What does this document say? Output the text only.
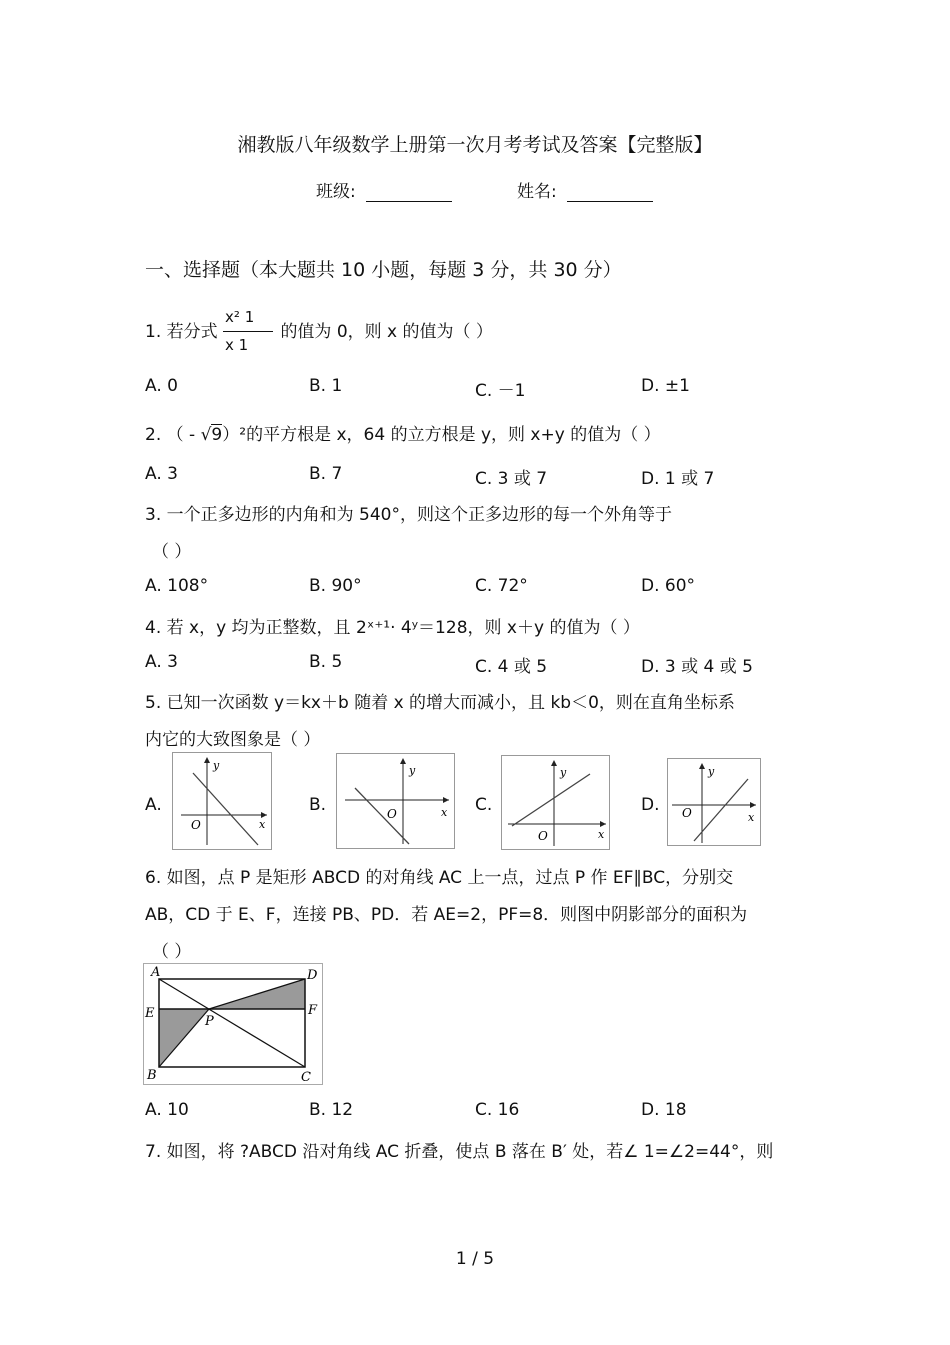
湘教版八年级数学上册第一次月考考试及答案【完整版】
班级:	姓名:
一、选择题（本大题共 10 小题，每题 3 分，共 30 分）
1. 若分式 $\frac{\text{x² 1}}{x 1}$ 的值为 0，则 x 的值为（ ）
A. 0	B. 1	C. －1	D. ±1
2. （ - √9）²的平方根是 x，64 的立方根是 y，则 x+y 的值为（ ）
A. 3	B. 7	C. 3 或 7	D. 1 或 7
3. 一个正多边形的内角和为 540°，则这个正多边形的每一个外角等于
（ ）
A. 108°	B. 90°	C. 72°	D. 60°
4. 若 x，y 均为正整数，且 2ˣ⁺¹· 4ʸ＝128，则 x＋y 的值为（ ）
A. 3	B. 5	C. 4 或 5	D. 3 或 4 或 5
5. 已知一次函数 y＝kx＋b 随着 x 的增大而减小，且 kb＜0，则在直角坐标系
内它的大致图象是（ ）
A.	B.	C.	D.
y
x
O
y
x
O
y
x
O
y
x
O
6. 如图，点 P 是矩形 ABCD 的对角线 AC 上一点，过点 P 作 EF∥BC，分别交
AB，CD 于 E、F，连接 PB、PD．若 AE=2，PF=8．则图中阴影部分的面积为
（ ）
A	D
E	F
P
B	C
A. 10	B. 12	C. 16	D. 18
7. 如图，将 ?ABCD 沿对角线 AC 折叠，使点 B 落在 B′ 处，若∠ 1=∠2=44°，则
1 / 5
